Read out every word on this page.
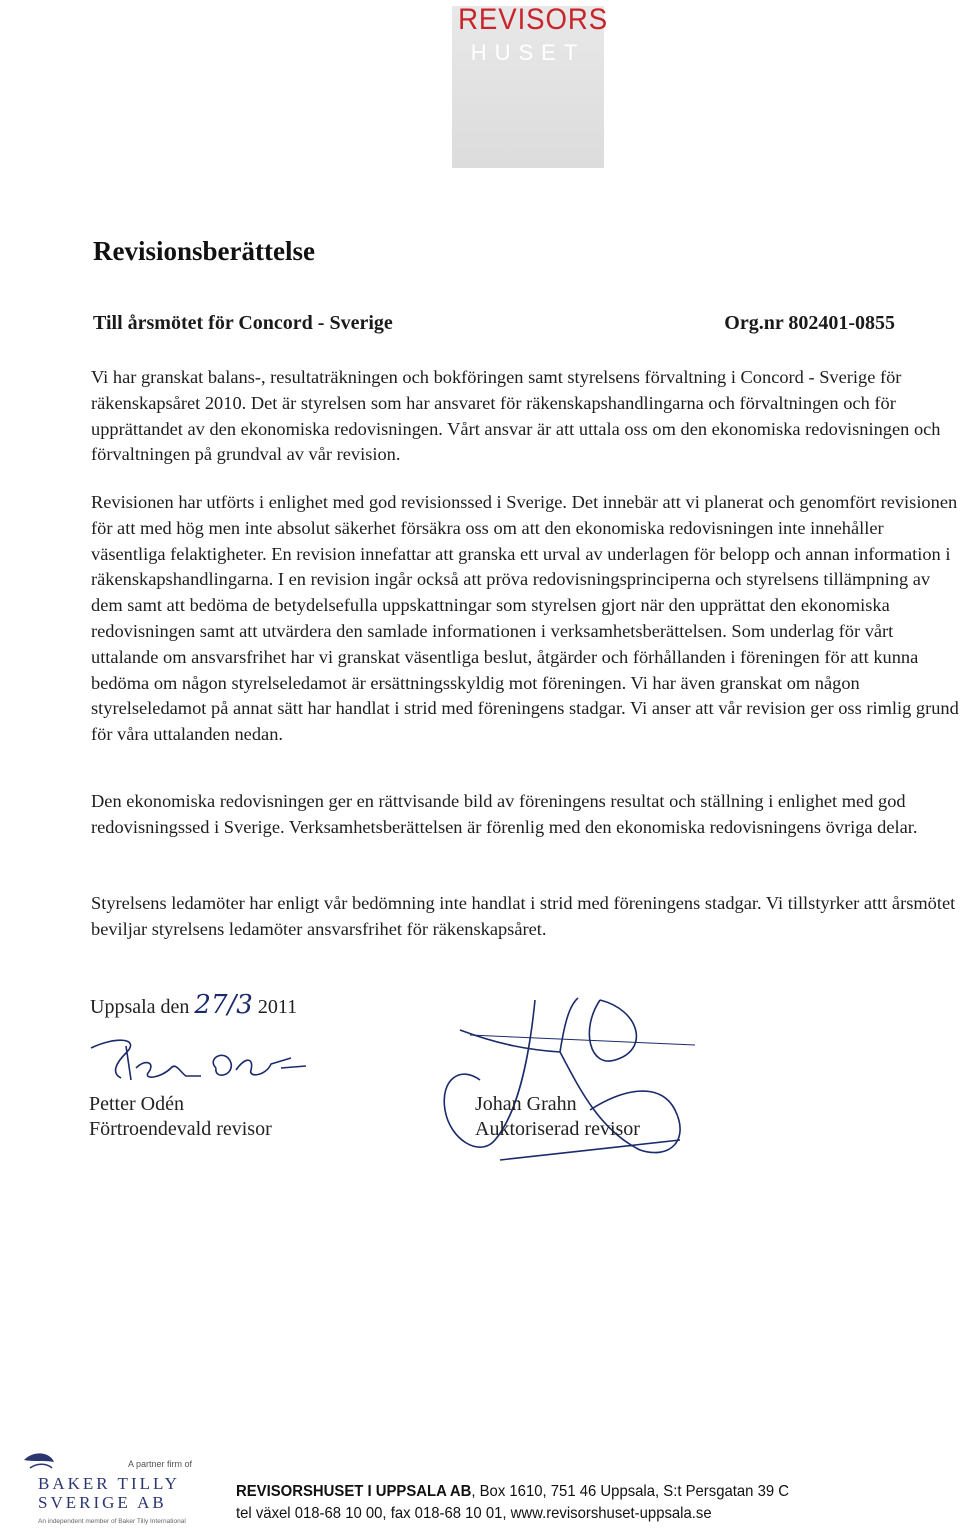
REVISORS
HUSET
Revisionsberättelse
Till årsmötet för Concord - Sverige	Org.nr 802401-0855

Vi har granskat balans-, resultaträkningen och bokföringen samt styrelsens förvaltning i Concord - Sverige för räkenskapsåret 2010. Det är styrelsen som har ansvaret för räkenskapshandlingarna och förvaltningen och för upprättandet av den ekonomiska redovisningen. Vårt ansvar är att uttala oss om den ekonomiska redovisningen och förvaltningen på grundval av vår revision.

Revisionen har utförts i enlighet med god revisionssed i Sverige. Det innebär att vi planerat och genomfört revisionen för att med hög men inte absolut säkerhet försäkra oss om att den ekonomiska redovisningen inte innehåller väsentliga felaktigheter. En revision innefattar att granska ett urval av underlagen för belopp och annan information i räkenskapshandlingarna. I en revision ingår också att pröva redovisningsprinciperna och styrelsens tillämpning av dem samt att bedöma de betydelsefulla uppskattningar som styrelsen gjort när den upprättat den ekonomiska redovisningen samt att utvärdera den samlade informationen i verksamhetsberättelsen. Som underlag för vårt uttalande om ansvarsfrihet har vi granskat väsentliga beslut, åtgärder och förhållanden i föreningen för att kunna bedöma om någon styrelseledamot är ersättningsskyldig mot föreningen. Vi har även granskat om någon styrelseledamot på annat sätt har handlat i strid med föreningens stadgar. Vi anser att vår revision ger oss rimlig grund för våra uttalanden nedan.

Den ekonomiska redovisningen ger en rättvisande bild av föreningens resultat och ställning i enlighet med god redovisningssed i Sverige. Verksamhetsberättelsen är förenlig med den ekonomiska redovisningens övriga delar.

Styrelsens ledamöter har enligt vår bedömning inte handlat i strid med föreningens stadgar. Vi tillstyrker attt årsmötet beviljar styrelsens ledamöter ansvarsfrihet för räkenskapsåret.

Uppsala den 27/3 2011
Petter Odén
Förtroendevald revisor
Johan Grahn
Auktoriserad revisor
A partner firm of
BAKER TILLY
SVERIGE AB
An independent member of Baker Tilly International
REVISORSHUSET I UPPSALA AB, Box 1610, 751 46 Uppsala, S:t Persgatan 39 C
tel växel 018-68 10 00, fax 018-68 10 01, www.revisorshuset-uppsala.se
